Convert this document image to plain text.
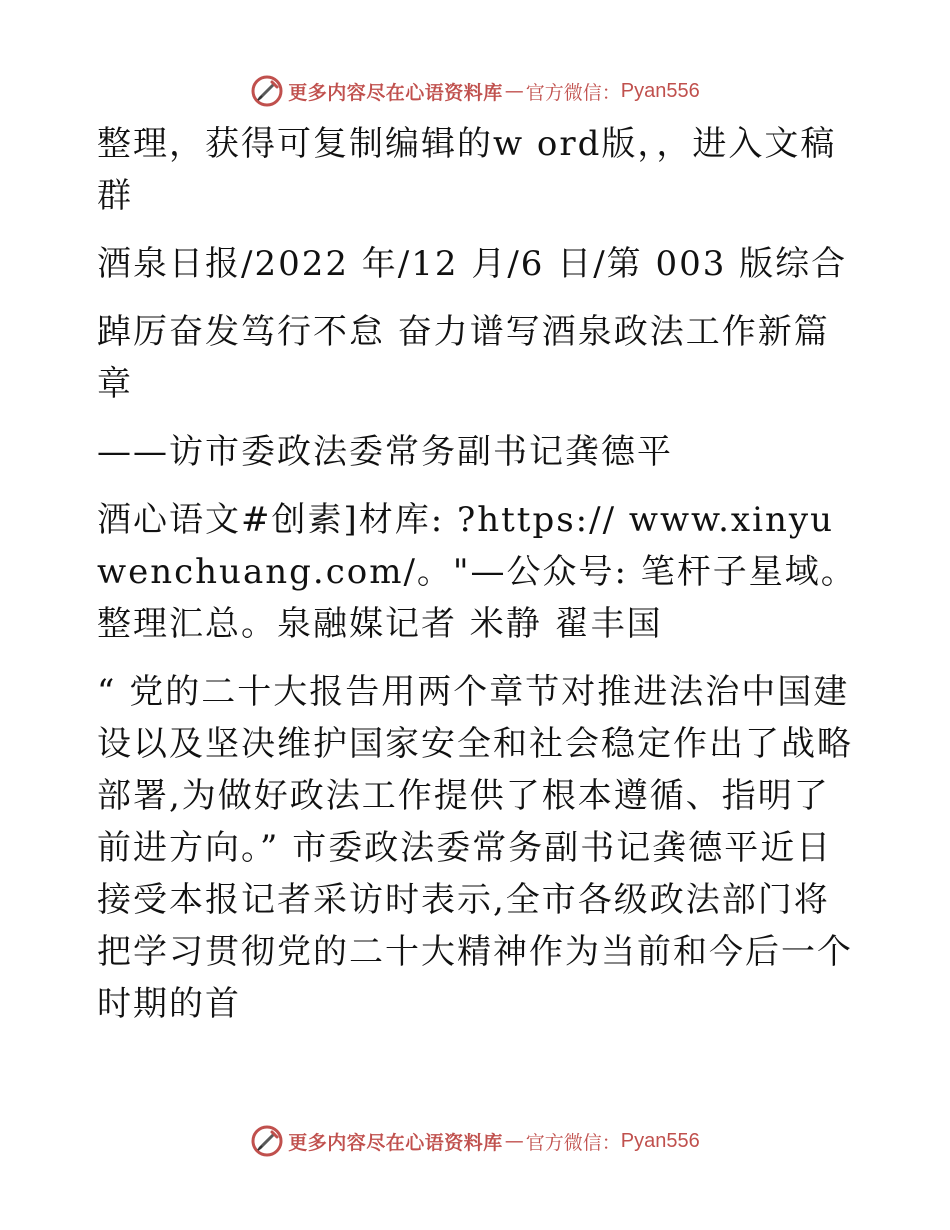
更多内容尽在心语资料库 — 官方微信： Pyan556

整理，获得可复制编辑的w ord版，，进入文稿群

酒泉日报/2022 年/12 月/6 日/第 003 版综合

踔厉奋发笃行不怠 奋力谱写酒泉政法工作新篇章

——访市委政法委常务副书记龚德平

酒心语文#创素]材库: ?https:// www.xinyuwenchuang.com/。"—公众号: 笔杆子星域。整理汇总。泉融媒记者 米静 翟丰国

“ 党的二十大报告用两个章节对推进法治中国建设以及坚决维护国家安全和社会稳定作出了战略部署,为做好政法工作提供了根本遵循、指明了前进方向。” 市委政法委常务副书记龚德平近日接受本报记者采访时表示,全市各级政法部门将把学习贯彻党的二十大精神作为当前和今后一个时期的首

更多内容尽在心语资料库 — 官方微信： Pyan556
